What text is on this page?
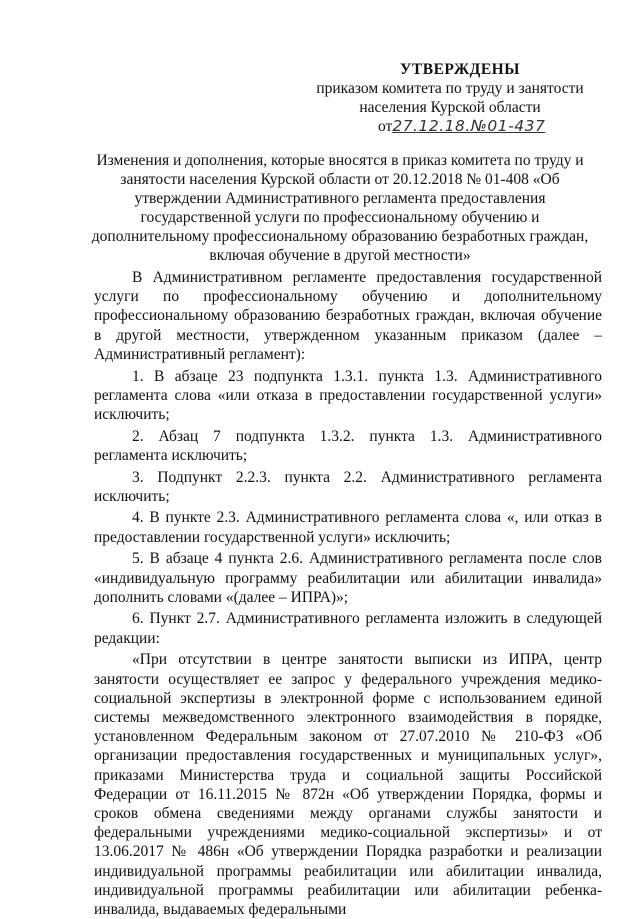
УТВЕРЖДЕНЫ
приказом комитета по труду и занятости
населения Курской области
от27.12.18.№01-437
Изменения и дополнения, которые вносятся в приказ комитета по труду и занятости населения Курской области от 20.12.2018 № 01-408 «Об утверждении Административного регламента предоставления государственной услуги по профессиональному обучению и дополнительному профессиональному образованию безработных граждан, включая обучение в другой местности»

В Административном регламенте предоставления государственной услуги по профессиональному обучению и дополнительному профессиональному образованию безработных граждан, включая обучение в другой местности, утвержденном указанным приказом (далее – Административный регламент):

1. В абзаце 23 подпункта 1.3.1. пункта 1.3. Административного регламента слова «или отказа в предоставлении государственной услуги» исключить;

2. Абзац 7 подпункта 1.3.2. пункта 1.3. Административного регламента исключить;

3. Подпункт 2.2.3. пункта 2.2. Административного регламента исключить;

4. В пункте 2.3. Административного регламента слова «, или отказ в предоставлении государственной услуги» исключить;

5. В абзаце 4 пункта 2.6. Административного регламента после слов «индивидуальную программу реабилитации или абилитации инвалида» дополнить словами «(далее – ИПРА)»;

6. Пункт 2.7. Административного регламента изложить в следующей редакции:

«При отсутствии в центре занятости выписки из ИПРА, центр занятости осуществляет ее запрос у федерального учреждения медико-социальной экспертизы в электронной форме с использованием единой системы межведомственного электронного взаимодействия в порядке, установленном Федеральным законом от 27.07.2010 № 210-ФЗ «Об организации предоставления государственных и муниципальных услуг», приказами Министерства труда и социальной защиты Российской Федерации от 16.11.2015 № 872н «Об утверждении Порядка, формы и сроков обмена сведениями между органами службы занятости и федеральными учреждениями медико-социальной экспертизы» и от 13.06.2017 № 486н «Об утверждении Порядка разработки и реализации индивидуальной программы реабилитации или абилитации инвалида, индивидуальной программы реабилитации или абилитации ребенка-инвалида, выдаваемых федеральными
